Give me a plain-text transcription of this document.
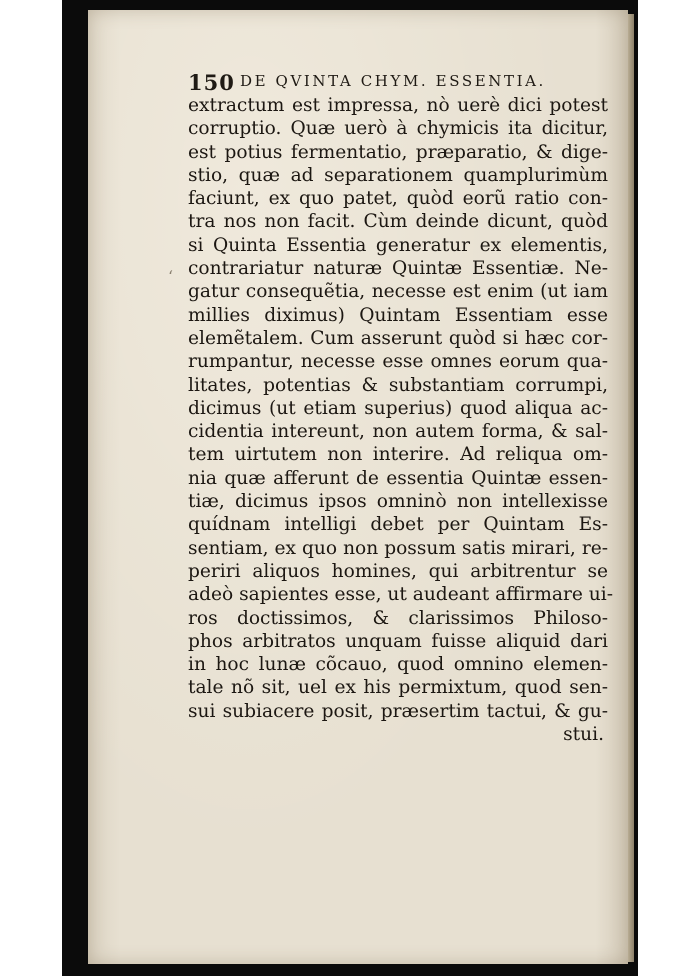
150 DE QVINTA CHYM. ESSENTIA.
‘
extractum est impressa, nò uerè dici potest
corruptio. Quæ uerò à chymicis ita dicitur,
est potius fermentatio, præparatio, & dige-
stio, quæ ad separationem quamplurimùm
faciunt, ex quo patet, quòd eorũ ratio con-
tra nos non facit. Cùm deinde dicunt, quòd
si Quinta Essentia generatur ex elementis,
contrariatur naturæ Quintæ Essentiæ. Ne-
gatur consequẽtia, necesse est enim (ut iam
millies diximus) Quintam Essentiam esse
elemẽtalem. Cum asserunt quòd si hæc cor-
rumpantur, necesse esse omnes eorum qua-
litates, potentias & substantiam corrumpi,
dicimus (ut etiam superius) quod aliqua ac-
cidentia intereunt, non autem forma, & sal-
tem uirtutem non interire. Ad reliqua om-
nia quæ afferunt de essentia Quintæ essen-
tiæ, dicimus ipsos omninò non intellexisse
quídnam intelligi debet per Quintam Es-
sentiam, ex quo non possum satis mirari, re-
periri aliquos homines, qui arbitrentur se
adeò sapientes esse, ut audeant affirmare ui-
ros doctissimos, & clarissimos Philoso-
phos arbitratos unquam fuisse aliquid dari
in hoc lunæ cõcauo, quod omnino elemen-
tale nõ sit, uel ex his permixtum, quod sen-
sui subiacere posit, præsertim tactui, & gu-
stui.
